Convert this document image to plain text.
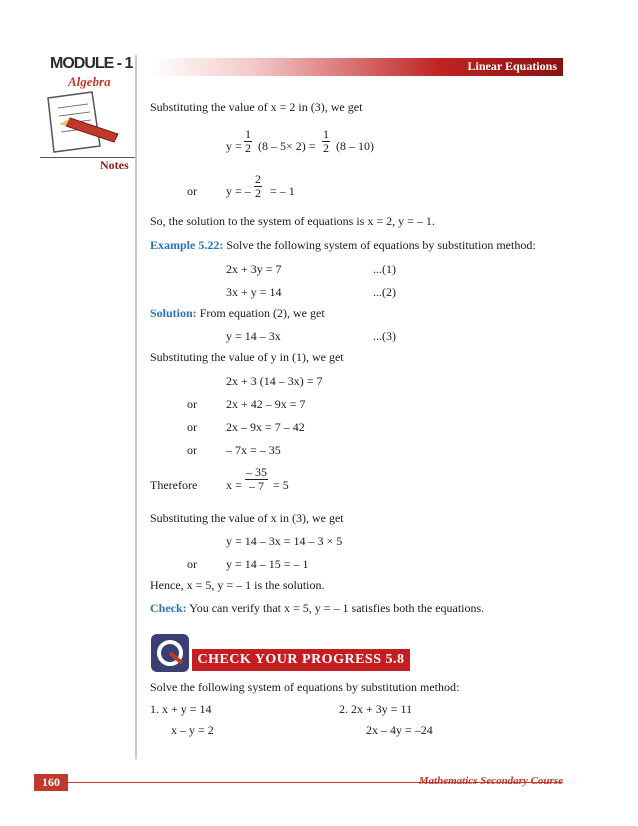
MODULE - 1
Algebra
Linear Equations
Notes
Substituting the value of x = 2 in (3), we get
$y = \frac{1}{2} (8 - 5\times 2) = \frac{1}{2} (8 - 10)$
or y = – $\frac{2}{2}$ = – 1
So, the solution to the system of equations is x = 2, y = – 1.
Example 5.22: Solve the following system of equations by substitution method:
2x + 3y = 7	...(1)
3x + y = 14	...(2)
Solution: From equation (2), we get
y = 14 – 3x	...(3)
Substituting the value of y in (1), we get
2x + 3 (14 – 3x) = 7
or 2x + 42 – 9x = 7
or 2x – 9x = 7 – 42
or – 7x = – 35
Therefore $x = \frac{- 35}{- 7} = 5$
Substituting the value of x in (3), we get
y = 14 – 3x = 14 – 3 × 5
or y = 14 – 15 = – 1
Hence, x = 5, y = – 1 is the solution.
Check: You can verify that x = 5, y = – 1 satisfies both the equations.
CHECK YOUR PROGRESS 5.8
Solve the following system of equations by substitution method:
1. x + y = 14
x – y = 2
2. 2x + 3y = 11
2x – 4y = –24
160	Mathematics Secondary Course
